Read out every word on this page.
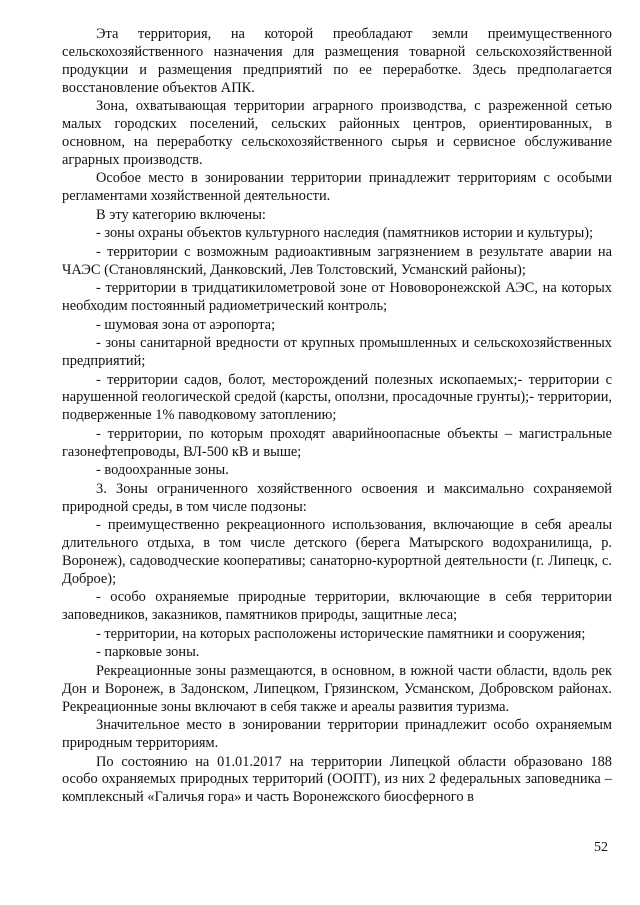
Эта территория, на которой преобладают земли преимущественного сельскохозяйственного назначения для размещения товарной сельскохозяйственной продукции и размещения предприятий по ее переработке. Здесь предполагается восстановление объектов АПК.

Зона, охватывающая территории аграрного производства, с разреженной сетью малых городских поселений, сельских районных центров, ориентированных, в основном, на переработку сельскохозяйственного сырья и сервисное обслуживание аграрных производств.

Особое место в зонировании территории принадлежит территориям с особыми регламентами хозяйственной деятельности.

В эту категорию включены:

- зоны охраны объектов культурного наследия (памятников истории и культуры);

- территории с возможным радиоактивным загрязнением в результате аварии на ЧАЭС (Становлянский, Данковский, Лев Толстовский, Усманский районы);

- территории в тридцатикилометровой зоне от Нововоронежской АЭС, на которых необходим постоянный радиометрический контроль;

- шумовая зона от аэропорта;

- зоны санитарной вредности от крупных промышленных и сельскохозяйственных предприятий;

- территории садов, болот, месторождений полезных ископаемых;- территории с нарушенной геологической средой (карсты, оползни, просадочные грунты);- территории, подверженные 1% паводковому затоплению;

- территории, по которым проходят аварийноопасные объекты – магистральные газонефтепроводы, ВЛ-500 кВ и выше;

- водоохранные зоны.

3. Зоны ограниченного хозяйственного освоения и максимально сохраняемой природной среды, в том числе подзоны:

- преимущественно рекреационного использования, включающие в себя ареалы длительного отдыха, в том числе детского (берега Матырского водохранилища, р. Воронеж), садоводческие кооперативы; санаторно-курортной деятельности (г. Липецк, с. Доброе);

- особо охраняемые природные территории, включающие в себя территории заповедников, заказников, памятников природы, защитные леса;

- территории, на которых расположены исторические памятники и сооружения;

- парковые зоны.

Рекреационные зоны размещаются, в основном, в южной части области, вдоль рек Дон и Воронеж, в Задонском, Липецком, Грязинском, Усманском, Добровском районах. Рекреационные зоны включают в себя также и ареалы развития туризма.

Значительное место в зонировании территории принадлежит особо охраняемым природным территориям.

По состоянию на 01.01.2017 на территории Липецкой области образовано 188 особо охраняемых природных территорий (ООПТ), из них 2 федеральных заповедника – комплексный «Галичья гора» и часть Воронежского биосферного в

52
